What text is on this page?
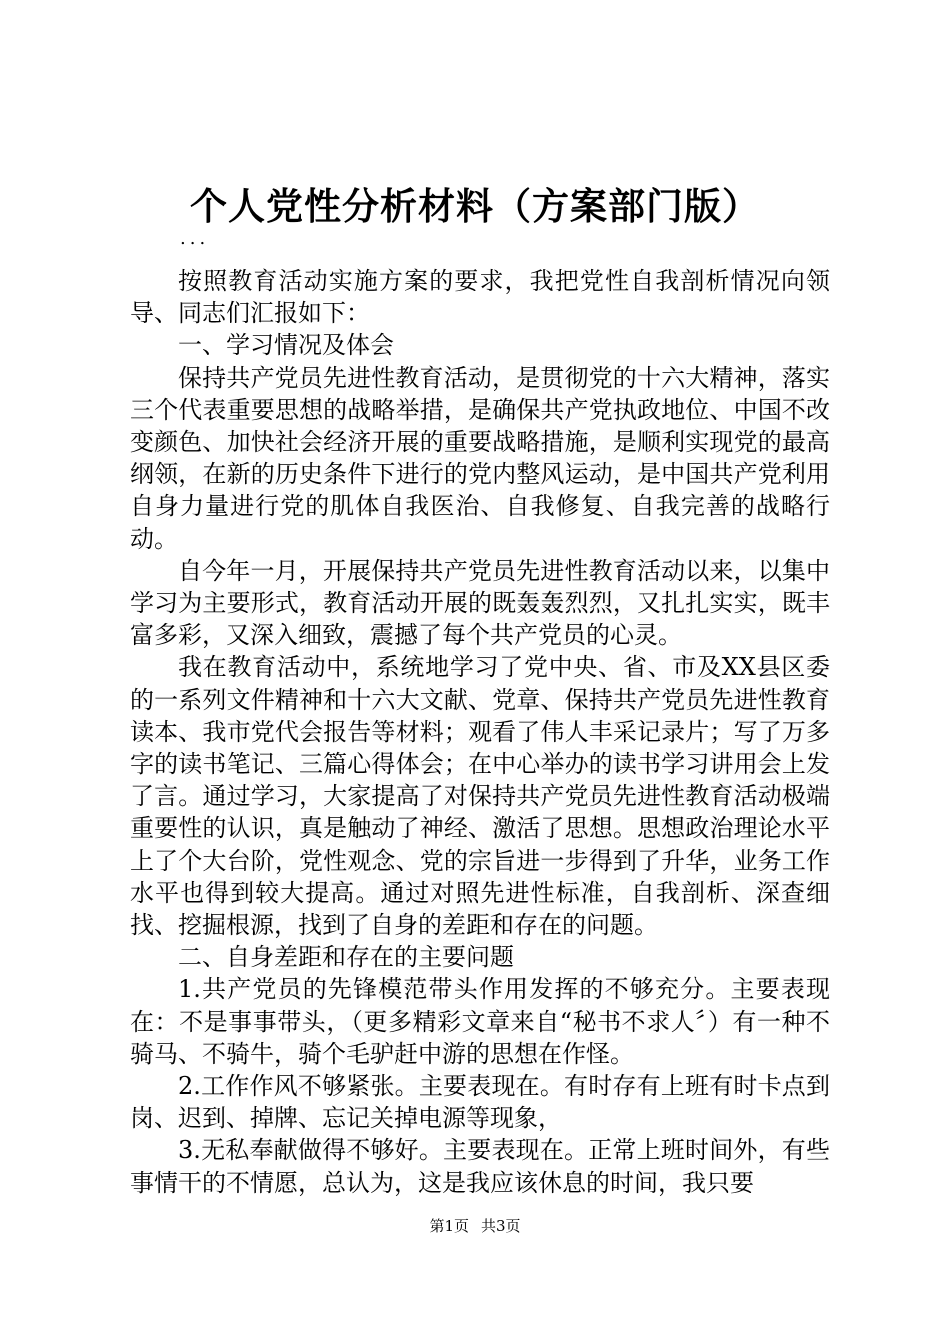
个人党性分析材料（方案部门版）
...

按照教育活动实施方案的要求，我把党性自我剖析情况向领导、同志们汇报如下：

一、学习情况及体会

保持共产党员先进性教育活动，是贯彻党的十六大精神，落实三个代表重要思想的战略举措，是确保共产党执政地位、中国不改变颜色、加快社会经济开展的重要战略措施，是顺利实现党的最高纲领，在新的历史条件下进行的党内整风运动，是中国共产党利用自身力量进行党的肌体自我医治、自我修复、自我完善的战略行动。

自今年一月，开展保持共产党员先进性教育活动以来，以集中学习为主要形式，教育活动开展的既轰轰烈烈，又扎扎实实，既丰富多彩，又深入细致，震撼了每个共产党员的心灵。

我在教育活动中，系统地学习了党中央、省、市及XX县区委的一系列文件精神和十六大文献、党章、保持共产党员先进性教育读本、我市党代会报告等材料；观看了伟人丰采记录片；写了万多字的读书笔记、三篇心得体会；在中心举办的读书学习讲用会上发了言。通过学习，大家提高了对保持共产党员先进性教育活动极端重要性的认识，真是触动了神经、激活了思想。思想政治理论水平上了个大台阶，党性观念、党的宗旨进一步得到了升华，业务工作水平也得到较大提高。通过对照先进性标准，自我剖析、深查细找、挖掘根源，找到了自身的差距和存在的问题。

二、自身差距和存在的主要问题

1.共产党员的先锋模范带头作用发挥的不够充分。主要表现在：不是事事带头，（更多精彩文章来自“秘书不求人〞）有一种不骑马、不骑牛，骑个毛驴赶中游的思想在作怪。

2.工作作风不够紧张。主要表现在。有时存有上班有时卡点到岗、迟到、掉牌、忘记关掉电源等现象，

3.无私奉献做得不够好。主要表现在。正常上班时间外，有些事情干的不情愿，总认为，这是我应该休息的时间，我只要

第1页 共3页
